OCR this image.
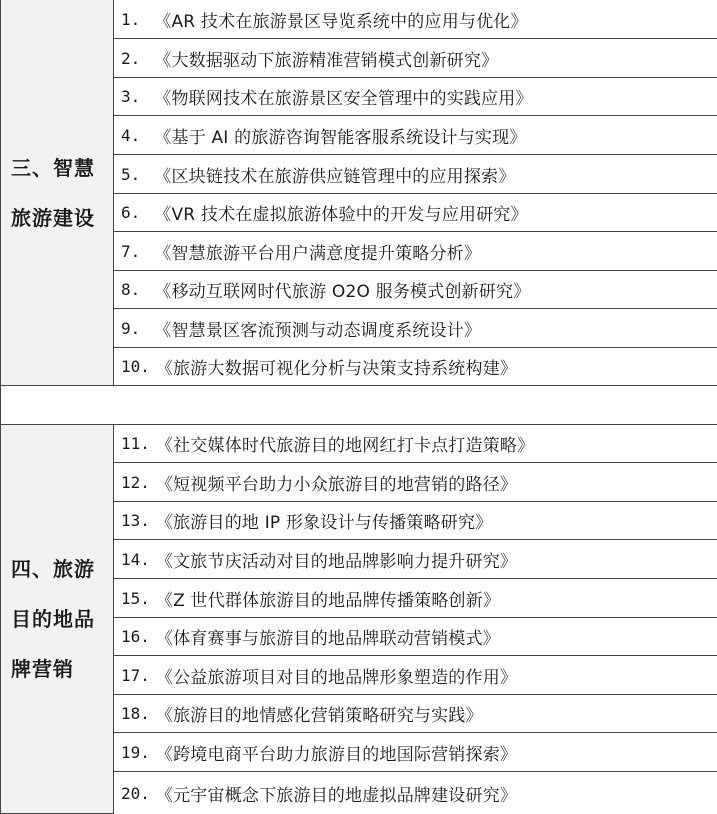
三、智慧
旅游建设
1. 《AR 技术在旅游景区导览系统中的应用与优化》
2. 《大数据驱动下旅游精准营销模式创新研究》
3. 《物联网技术在旅游景区安全管理中的实践应用》
4. 《基于 AI 的旅游咨询智能客服系统设计与实现》
5. 《区块链技术在旅游供应链管理中的应用探索》
6. 《VR 技术在虚拟旅游体验中的开发与应用研究》
7. 《智慧旅游平台用户满意度提升策略分析》
8. 《移动互联网时代旅游 O2O 服务模式创新研究》
9. 《智慧景区客流预测与动态调度系统设计》
10. 《旅游大数据可视化分析与决策支持系统构建》
四、旅游
目的地品
牌营销
11. 《社交媒体时代旅游目的地网红打卡点打造策略》
12. 《短视频平台助力小众旅游目的地营销的路径》
13. 《旅游目的地 IP 形象设计与传播策略研究》
14. 《文旅节庆活动对目的地品牌影响力提升研究》
15. 《Z 世代群体旅游目的地品牌传播策略创新》
16. 《体育赛事与旅游目的地品牌联动营销模式》
17. 《公益旅游项目对目的地品牌形象塑造的作用》
18. 《旅游目的地情感化营销策略研究与实践》
19. 《跨境电商平台助力旅游目的地国际营销探索》
20. 《元宇宙概念下旅游目的地虚拟品牌建设研究》
